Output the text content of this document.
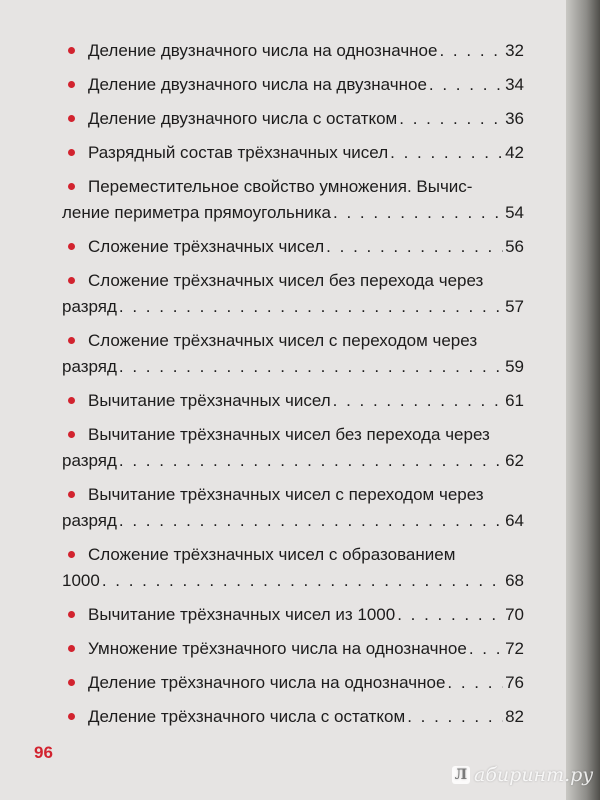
Деление двузначного числа на однозначное . . .	32
Деление двузначного числа на двузначное . . .	34
Деление двузначного числа с остатком . . .	36
Разрядный состав трёхзначных чисел . . .	42
Переместительное свойство умножения. Вычис-
ление периметра прямоугольника . . .	54
Сложение трёхзначных чисел . . .	56
Сложение трёхзначных чисел без перехода через
разряд . . .	57
Сложение трёхзначных чисел с переходом через
разряд . . .	59
Вычитание трёхзначных чисел . . .	61
Вычитание трёхзначных чисел без перехода через
разряд . . .	62
Вычитание трёхзначных чисел с переходом через
разряд . . .	64
Сложение трёхзначных чисел с образованием
1000 . . .	68
Вычитание трёхзначных чисел из 1000 . . .	70
Умножение трёхзначного числа на однозначное . . . 72
Деление трёхзначного числа на однозначное . . .	76
Деление трёхзначного числа с остатком . . .	82
96
Л абиринт.ру
